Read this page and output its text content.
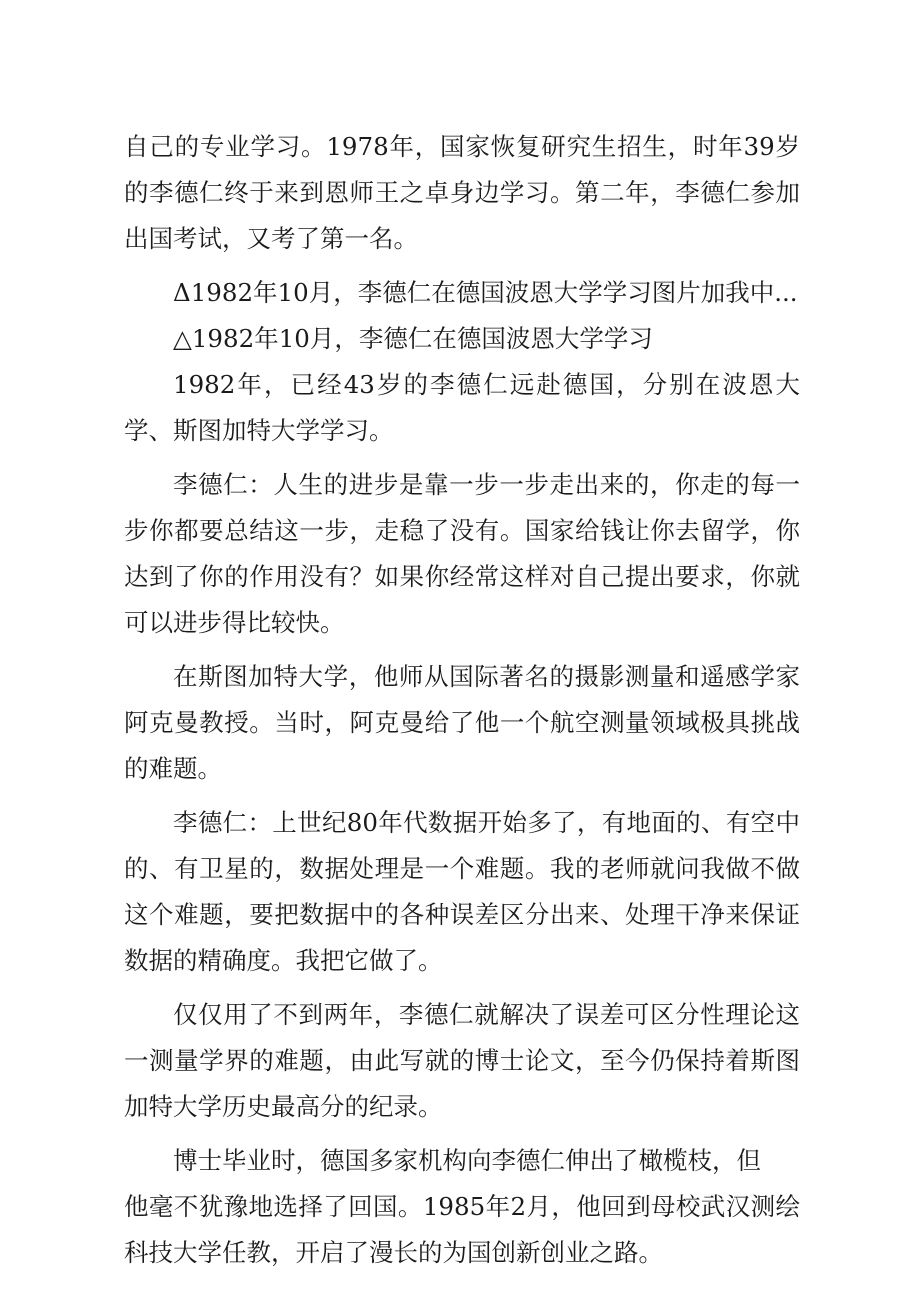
自己的专业学习。1978年，国家恢复研究生招生，时年39岁的李德仁终于来到恩师王之卓身边学习。第二年，李德仁参加出国考试，又考了第一名。

Δ1982年10月，李德仁在德国波恩大学学习图片加我中...

△1982年10月，李德仁在德国波恩大学学习

1982年，已经43岁的李德仁远赴德国，分别在波恩大学、斯图加特大学学习。

李德仁：人生的进步是靠一步一步走出来的，你走的每一步你都要总结这一步，走稳了没有。国家给钱让你去留学，你达到了你的作用没有？如果你经常这样对自己提出要求，你就可以进步得比较快。

在斯图加特大学，他师从国际著名的摄影测量和遥感学家阿克曼教授。当时，阿克曼给了他一个航空测量领域极具挑战的难题。

李德仁：上世纪80年代数据开始多了，有地面的、有空中的、有卫星的，数据处理是一个难题。我的老师就问我做不做这个难题，要把数据中的各种误差区分出来、处理干净来保证数据的精确度。我把它做了。

仅仅用了不到两年，李德仁就解决了误差可区分性理论这一测量学界的难题，由此写就的博士论文，至今仍保持着斯图加特大学历史最高分的纪录。

博士毕业时，德国多家机构向李德仁伸出了橄榄枝，但
他毫不犹豫地选择了回国。1985年2月，他回到母校武汉测绘科技大学任教，开启了漫长的为国创新创业之路。
